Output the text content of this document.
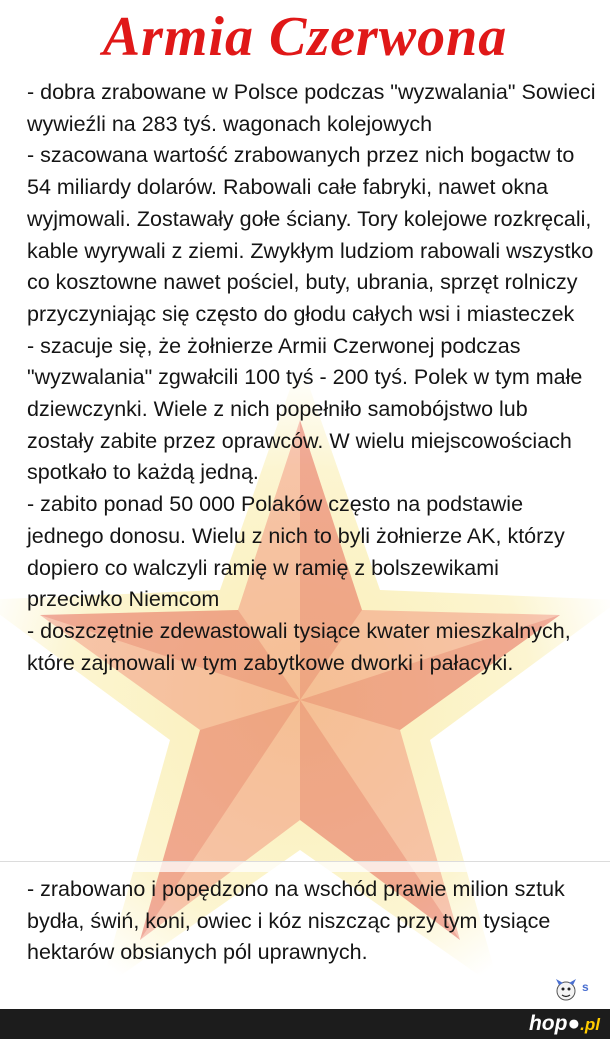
Armia Czerwona

- dobra zrabowane w Polsce podczas "wyzwalania" Sowieci wywieźli na 283 tyś. wagonach kolejowych

- szacowana wartość zrabowanych przez nich bogactw to 54 miliardy dolarów. Rabowali całe fabryki, nawet okna wyjmowali. Zostawały gołe ściany. Tory kolejowe rozkręcali, kable wyrywali z ziemi. Zwykłym ludziom rabowali wszystko co kosztowne nawet pościel, buty, ubrania, sprzęt rolniczy przyczyniając się często do głodu całych wsi i miasteczek

- szacuje się, że żołnierze Armii Czerwonej podczas "wyzwalania" zgwałcili 100 tyś - 200 tyś. Polek w tym małe dziewczynki. Wiele z nich popełniło samobójstwo lub zostały zabite przez oprawców. W wielu miejscowościach spotkało to każdą jedną.

- zabito ponad 50 000 Polaków często na podstawie jednego donosu. Wielu z nich to byli żołnierze AK, którzy dopiero co walczyli ramię w ramię z bolszewikami przeciwko Niemcom

- doszczętnie zdewastowali tysiące kwater mieszkalnych, które zajmowali w tym zabytkowe dworki i pałacyki.

- zrabowano i popędzono na wschód prawie milion sztuk bydła, świń, koni, owiec i kóz niszcząc przy tym tysiące hektarów obsianych pól uprawnych.

s
hop●.pl
